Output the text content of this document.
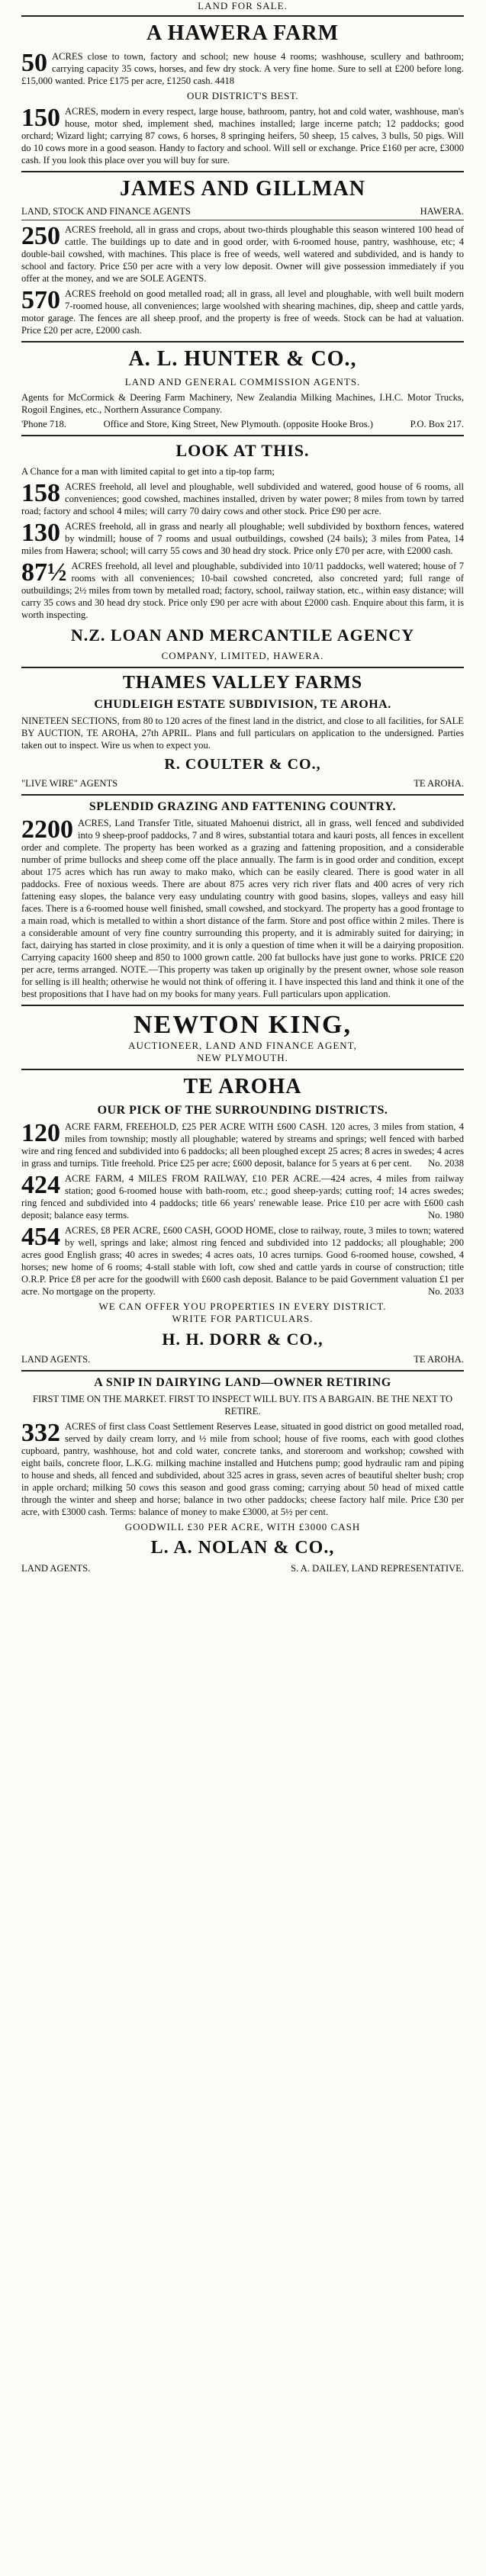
LAND FOR SALE.
A HAWERA FARM
50 ACRES close to town, factory and school; new house 4 rooms; washhouse, scullery and bathroom; carrying capacity 35 cows, horses, and few dry stock. A very fine home. Sure to sell at £200 before long. £15,000 wanted. Price £175 per acre, £1250 cash. 4418
OUR DISTRICT'S BEST.
150 ACRES, modern in every respect, large house, bathroom, pantry, hot and cold water, washhouse, man's house, motor shed, implement shed, machines installed; large incerne patch; 12 paddocks; good orchard; Wizard light; carrying 87 cows, 6 horses, 8 springing heifers, 50 sheep, 15 calves, 3 bulls, 50 pigs. Will do 10 cows more in a good season. Handy to factory and school. Will sell or exchange. Price £160 per acre, £3000 cash. If you look this place over you will buy for sure.
JAMES AND GILLMAN
LAND, STOCK AND FINANCE AGENTS	HAWERA.
250 ACRES freehold, all in grass and crops, about two-thirds ploughable this season wintered 100 head of cattle. The buildings up to date and in good order, with 6-roomed house, pantry, washhouse, etc; 4 double-bail cowshed, with machines. This place is free of weeds, well watered and subdivided, and is handy to school and factory. Price £50 per acre with a very low deposit. Owner will give possession immediately if you offer at the money, and we are SOLE AGENTS.
570 ACRES freehold on good metalled road; all in grass, all level and ploughable, with well built modern 7-roomed house, all conveniences; large woolshed with shearing machines, dip, sheep and cattle yards, motor garage. The fences are all sheep proof, and the property is free of weeds. Stock can be had at valuation. Price £20 per acre, £2000 cash.
A. L. HUNTER & CO.,
LAND AND GENERAL COMMISSION AGENTS.
Agents for McCormick & Deering Farm Machinery, New Zealandia Milking Machines, I.H.C. Motor Trucks, Rogoil Engines, etc., Northern Assurance Company.
'Phone 718.	Office and Store, King Street, New Plymouth. (opposite Hooke Bros.)	P.O. Box 217.
LOOK AT THIS.
A Chance for a man with limited capital to get into a tip-top farm;
158 ACRES freehold, all level and ploughable, well subdivided and watered, good house of 6 rooms, all conveniences; good cowshed, machines installed, driven by water power; 8 miles from town by tarred road; factory and school 4 miles; will carry 70 dairy cows and other stock. Price £90 per acre.
130 ACRES freehold, all in grass and nearly all ploughable; well subdivided by boxthorn fences, watered by windmill; house of 7 rooms and usual outbuildings, cowshed (24 bails); 3 miles from Patea, 14 miles from Hawera; school; will carry 55 cows and 30 head dry stock. Price only £70 per acre, with £2000 cash.
87½ ACRES freehold, all level and ploughable, subdivided into 10/11 paddocks, well watered; house of 7 rooms with all conveniences; 10-bail cowshed concreted, also concreted yard; full range of outbuildings; 2½ miles from town by metalled road; factory, school, railway station, etc., within easy distance; will carry 35 cows and 30 head dry stock. Price only £90 per acre with about £2000 cash. Enquire about this farm, it is worth inspecting.
N.Z. LOAN AND MERCANTILE AGENCY
COMPANY, LIMITED, HAWERA.
THAMES VALLEY FARMS
CHUDLEIGH ESTATE SUBDIVISION, TE AROHA.
NINETEEN SECTIONS, from 80 to 120 acres of the finest land in the district, and close to all facilities, for SALE BY AUCTION, TE AROHA, 27th APRIL. Plans and full particulars on application to the undersigned. Parties taken out to inspect. Wire us when to expect you.
R. COULTER & CO.,
"LIVE WIRE" AGENTS	TE AROHA.
SPLENDID GRAZING AND FATTENING COUNTRY.
2200 ACRES, Land Transfer Title, situated Mahoenui district, all in grass, well fenced and subdivided into 9 sheep-proof paddocks, 7 and 8 wires, substantial totara and kauri posts, all fences in excellent order and complete. The property has been worked as a grazing and fattening proposition, and a considerable number of prime bullocks and sheep come off the place annually. The farm is in good order and condition, except about 175 acres which has run away to mako mako, which can be easily cleared. There is good water in all paddocks. Free of noxious weeds. There are about 875 acres very rich river flats and 400 acres of very rich fattening easy slopes, the balance very easy undulating country with good basins, slopes, valleys and easy hill faces. There is a 6-roomed house well finished, small cowshed, and stockyard. The property has a good frontage to a main road, which is metalled to within a short distance of the farm. Store and post office within 2 miles. There is a considerable amount of very fine country surrounding this property, and it is admirably suited for dairying; in fact, dairying has started in close proximity, and it is only a question of time when it will be a dairying proposition. Carrying capacity 1600 sheep and 850 to 1000 grown cattle. 200 fat bullocks have just gone to works. PRICE £20 per acre, terms arranged. NOTE.—This property was taken up originally by the present owner, whose sole reason for selling is ill health; otherwise he would not think of offering it. I have inspected this land and think it one of the best propositions that I have had on my books for many years. Full particulars upon application.
NEWTON KING,
AUCTIONEER, LAND AND FINANCE AGENT,
NEW PLYMOUTH.
TE AROHA
OUR PICK OF THE SURROUNDING DISTRICTS.
120 ACRE FARM, FREEHOLD, £25 PER ACRE WITH £600 CASH. 120 acres, 3 miles from station, 4 miles from township; mostly all ploughable; watered by streams and springs; well fenced with barbed wire and ring fenced and subdivided into 6 paddocks; all been ploughed except 25 acres; 8 acres in swedes; 4 acres in grass and turnips. Title freehold. Price £25 per acre; £600 deposit, balance for 5 years at 6 per cent. No. 2038
424 ACRE FARM, 4 MILES FROM RAILWAY, £10 PER ACRE.—424 acres, 4 miles from railway station; good 6-roomed house with bath-room, etc.; good sheep-yards; cutting roof; 14 acres swedes; ring fenced and subdivided into 4 paddocks; title 66 years' renewable lease. Price £10 per acre with £600 cash deposit; balance easy terms.	No. 1980
454 ACRES, £8 PER ACRE, £600 CASH, GOOD HOME, close to railway, route, 3 miles to town; watered by well, springs and lake; almost ring fenced and subdivided into 12 paddocks; all ploughable; 200 acres good English grass; 40 acres in swedes; 4 acres oats, 10 acres turnips. Good 6-roomed house, cowshed, 4 horses; new home of 6 rooms; 4-stall stable with loft, cow shed and cattle yards in course of construction; title O.R.P. Price £8 per acre for the goodwill with £600 cash deposit. Balance to be paid Government valuation £1 per acre. No mortgage on the property.	No. 2033
WE CAN OFFER YOU PROPERTIES IN EVERY DISTRICT.
WRITE FOR PARTICULARS.
H. H. DORR & CO.,
LAND AGENTS.	TE AROHA.
A SNIP IN DAIRYING LAND—OWNER RETIRING
FIRST TIME ON THE MARKET. FIRST TO INSPECT WILL BUY. ITS A BARGAIN. BE THE NEXT TO RETIRE.
332 ACRES of first class Coast Settlement Reserves Lease, situated in good district on good metalled road, served by daily cream lorry, and ½ mile from school; house of five rooms, each with good clothes cupboard, pantry, washhouse, hot and cold water, concrete tanks, and storeroom and workshop; cowshed with eight bails, concrete floor, L.K.G. milking machine installed and Hutchens pump; good hydraulic ram and piping to house and sheds, all fenced and subdivided, about 325 acres in grass, seven acres of beautiful shelter bush; crop in apple orchard; milking 50 cows this season and good grass coming; carrying about 50 head of mixed cattle through the winter and sheep and horse; balance in two other paddocks; cheese factory half mile. Price £30 per acre, with £3000 cash. Terms: balance of money to make £3000, at 5½ per cent.
GOODWILL £30 PER ACRE, WITH £3000 CASH
L. A. NOLAN & CO.,
LAND AGENTS.	S. A. DAILEY, LAND REPRESENTATIVE.
